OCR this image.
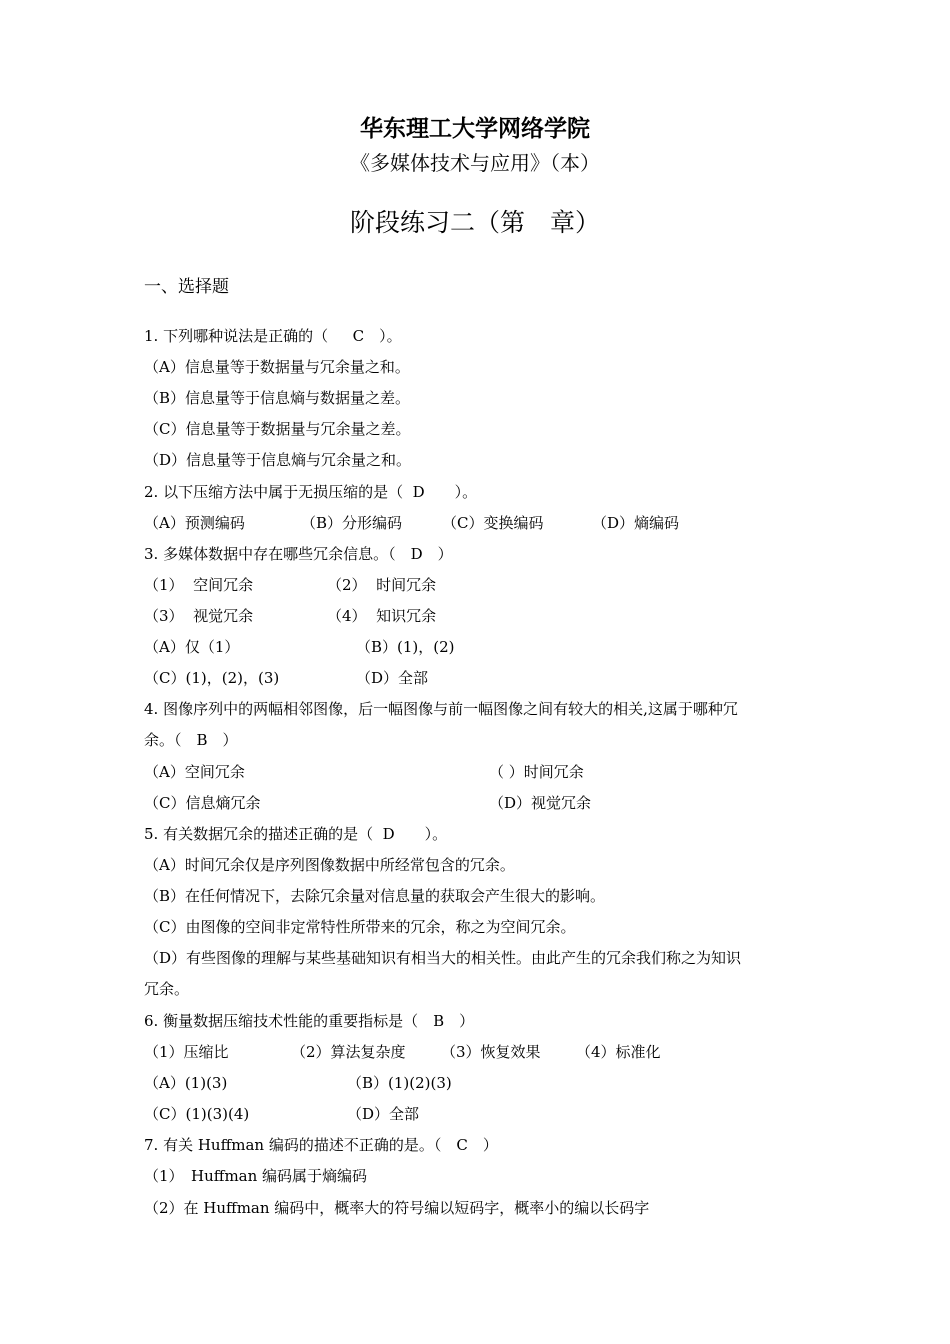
华东理工大学网络学院
《多媒体技术与应用》（本）
阶段练习二（第　章）
一、选择题
1. 下列哪种说法是正确的（　  C　）。
（A）信息量等于数据量与冗余量之和。
（B）信息量等于信息熵与数据量之差。
（C）信息量等于数据量与冗余量之差。
（D）信息量等于信息熵与冗余量之和。
2. 以下压缩方法中属于无损压缩的是（  D　　）。
（A）预测编码	（B）分形编码	（C）变换编码	（D）熵编码
3. 多媒体数据中存在哪些冗余信息。（　D　）
（1）  空间冗余	（2）  时间冗余
（3）  视觉冗余	（4）  知识冗余
（A）仅（1）	（B）(1)，(2)
（C）(1)，(2)，(3)	（D）全部
4. 图像序列中的两幅相邻图像，后一幅图像与前一幅图像之间有较大的相关,这属于哪种冗
余。（　B　）
（A）空间冗余	（ ）时间冗余
（C）信息熵冗余	（D）视觉冗余
5. 有关数据冗余的描述正确的是（  D　　）。
（A）时间冗余仅是序列图像数据中所经常包含的冗余。
（B）在任何情况下，去除冗余量对信息量的获取会产生很大的影响。
（C）由图像的空间非定常特性所带来的冗余，称之为空间冗余。
（D）有些图像的理解与某些基础知识有相当大的相关性。由此产生的冗余我们称之为知识
冗余。
6. 衡量数据压缩技术性能的重要指标是（　B　）
（1）压缩比	（2）算法复杂度 （3）恢复效果 （4）标准化
（A）(1)(3)	（B）(1)(2)(3)
（C）(1)(3)(4)	（D）全部
7. 有关 Huffman 编码的描述不正确的是。（　C　）
（1）　Huffman 编码属于熵编码
（2）在 Huffman 编码中，概率大的符号编以短码字，概率小的编以长码字
